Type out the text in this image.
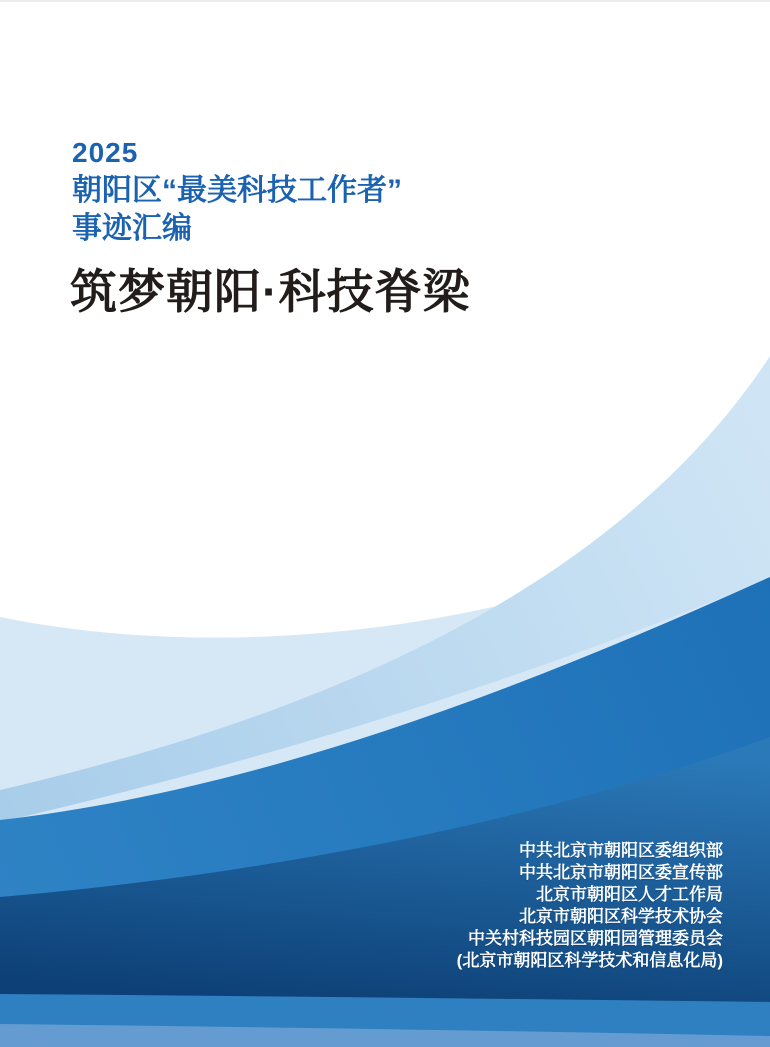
2025
朝阳区“最美科技工作者”
事迹汇编
筑梦朝阳·科技脊梁
中共北京市朝阳区委组织部
中共北京市朝阳区委宣传部
北京市朝阳区人才工作局
北京市朝阳区科学技术协会
中关村科技园区朝阳园管理委员会
(北京市朝阳区科学技术和信息化局)
